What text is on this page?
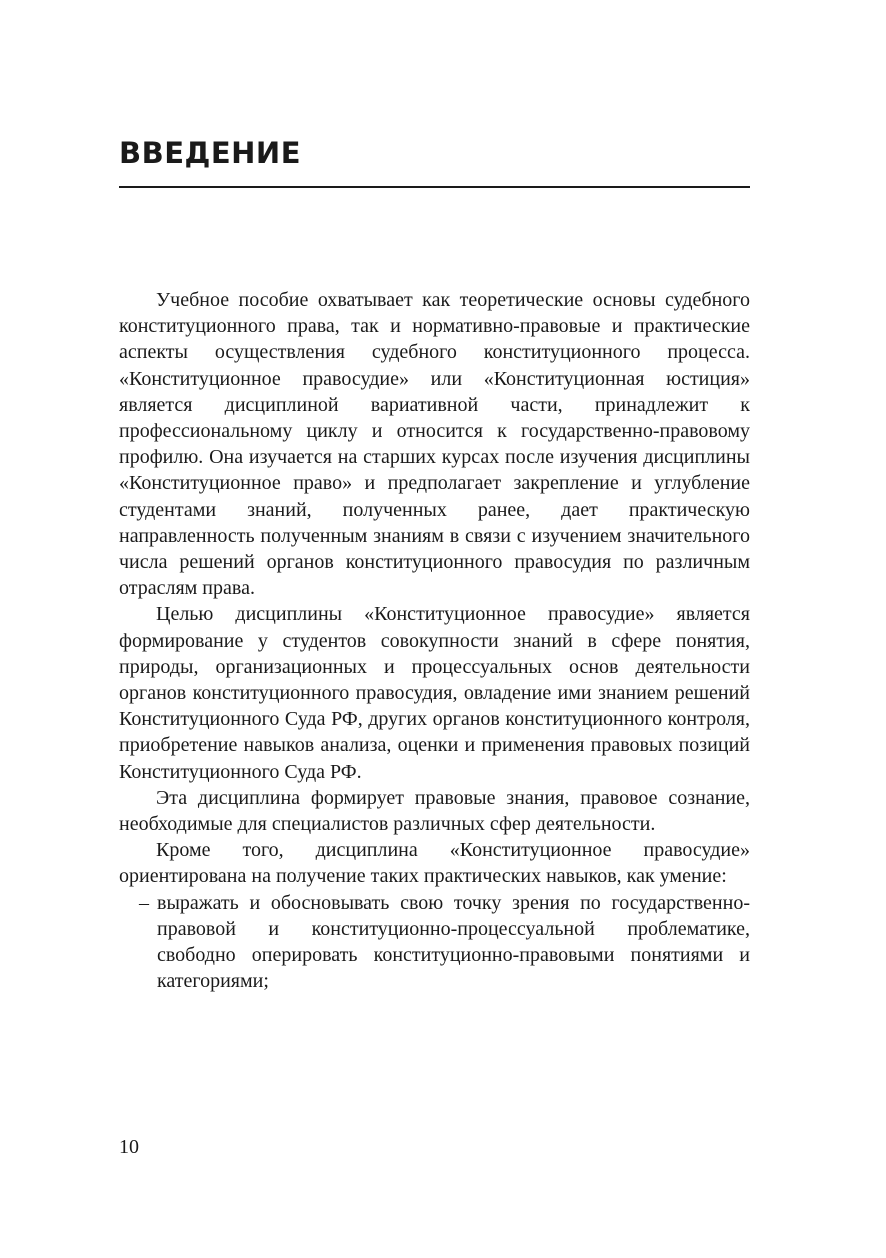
ВВЕДЕНИЕ

Учебное пособие охватывает как теоретические основы судебного конституционного права, так и нормативно-правовые и практические аспекты осуществления судебного конституционного процесса. «Конституционное правосудие» или «Конституционная юстиция» является дисциплиной вариативной части, принадлежит к профессиональному циклу и относится к государственно-правовому профилю. Она изучается на старших курсах после изучения дисциплины «Конституционное право» и предполагает закрепление и углубление студентами знаний, полученных ранее, дает практическую направленность полученным знаниям в связи с изучением значительного числа решений органов конституционного правосудия по различным отраслям права.

Целью дисциплины «Конституционное правосудие» является формирование у студентов совокупности знаний в сфере понятия, природы, организационных и процессуальных основ деятельности органов конституционного правосудия, овладение ими знанием решений Конституционного Суда РФ, других органов конституционного контроля, приобретение навыков анализа, оценки и применения правовых позиций Конституционного Суда РФ.

Эта дисциплина формирует правовые знания, правовое сознание, необходимые для специалистов различных сфер деятельности.

Кроме того, дисциплина «Конституционное правосудие» ориентирована на получение таких практических навыков, как умение:

– выражать и обосновывать свою точку зрения по государственно-правовой и конституционно-процессуальной проблематике, свободно оперировать конституционно-правовыми понятиями и категориями;
10
